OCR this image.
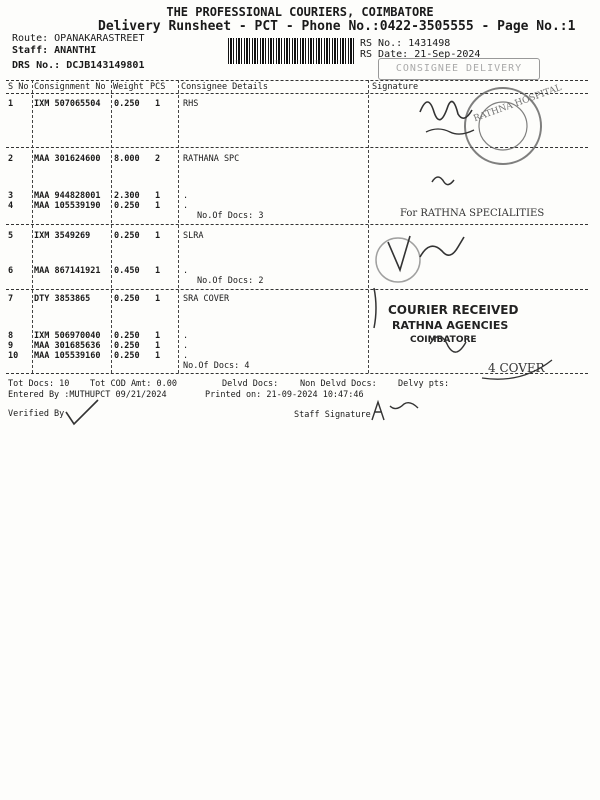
THE PROFESSIONAL COURIERS, COIMBATORE
Delivery Runsheet - PCT - Phone No.:0422-3505555 - Page No.:1
Route: OPANAKARASTREET
Staff: ANANTHI
DRS No.: DCJB143149801
RS No.: 1431498
RS Date: 21-Sep-2024
CONSIGNEE DELIVERY
S No Consignment No Weight PCS Consignee Details	Signature
1 IXM 507065504 0.250 1	RHS
2 MAA 301624600 8.000 2	RATHANA SPC
3 MAA 944828001 2.300 1	.
4 MAA 105539190 0.250 1	.
No.Of Docs: 3
5 IXM 3549269	0.250 1	SLRA
6 MAA 867141921 0.450 1	.
No.Of Docs: 2
7 DTY 3853865	0.250 1	SRA COVER
8 IXM 506970040 0.250 1	.
9 MAA 301685636 0.250 1	.
10 MAA 105539160 0.250 1	.
No.Of Docs: 4
RATHNA HOSPITAL
For RATHNA SPECIALITIES
COURIER RECEIVED
RATHNA AGENCIES
COIMBATORE
4 COVER
Tot Docs: 10 Tot COD Amt: 0.00	Delvd Docs:	Non Delvd Docs: Delvy pts:
Entered By :MUTHUPCT 09/21/2024	Printed on: 21-09-2024 10:47:46
Verified By	Staff Signature
